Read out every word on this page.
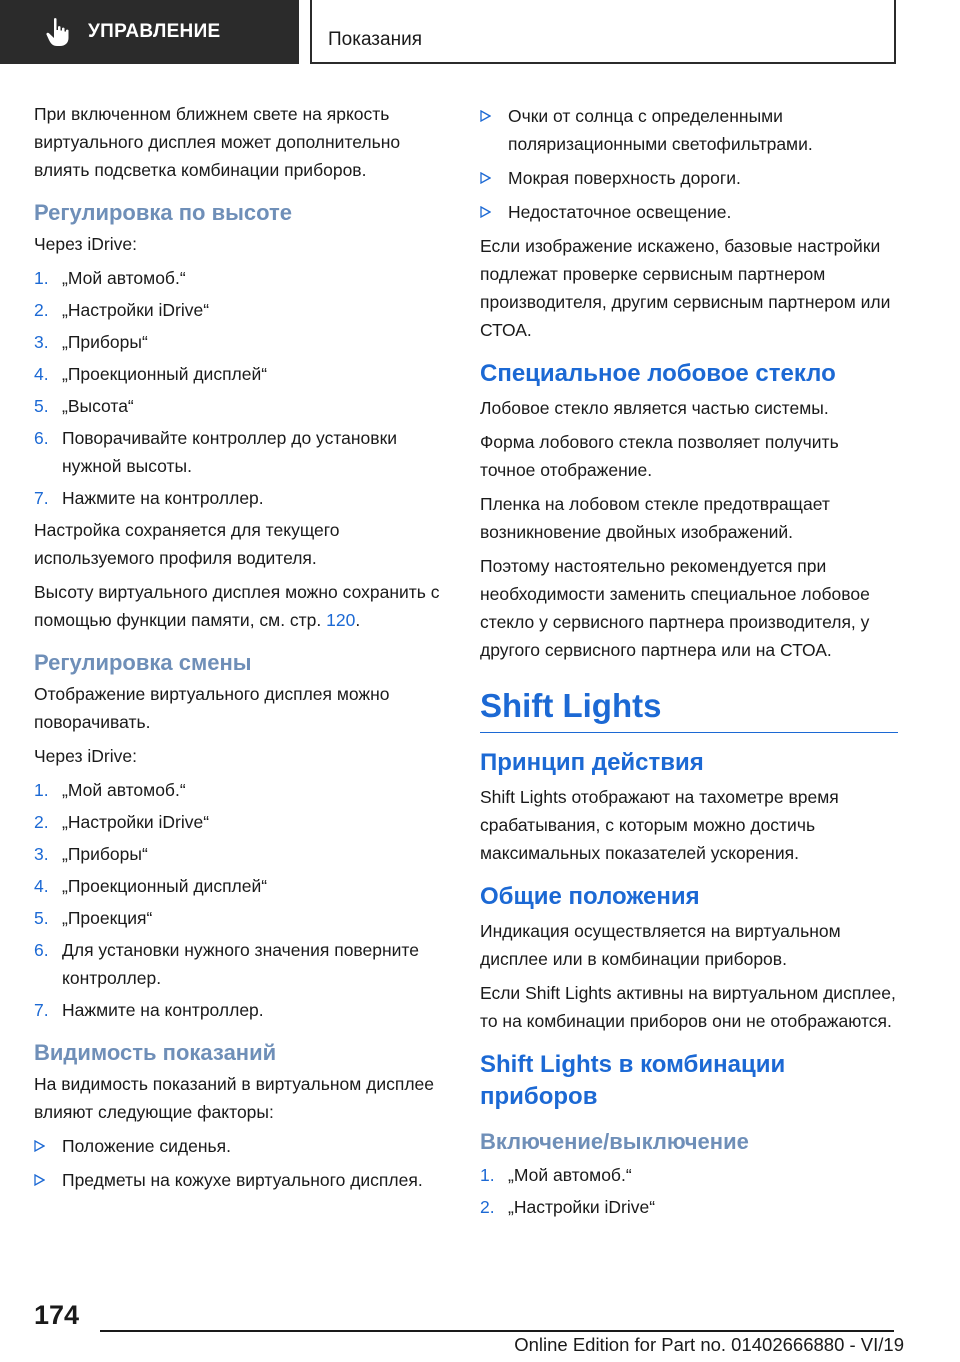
УПРАВЛЕНИЕ	Показания

При включенном ближнем свете на яркость виртуального дисплея может дополнительно влиять подсветка комбинации приборов.

Регулировка по высоте

Через iDrive:

1. „Мой автомоб.“
2. „Настройки iDrive“
3. „Приборы“
4. „Проекционный дисплей“
5. „Высота“
6. Поворачивайте контроллер до установки нужной высоты.
7. Нажмите на контроллер.

Настройка сохраняется для текущего используемого профиля водителя.

Высоту виртуального дисплея можно сохранить с помощью функции памяти, см. стр. 120.

Регулировка смены

Отображение виртуального дисплея можно поворачивать.

Через iDrive:

1. „Мой автомоб.“
2. „Настройки iDrive“
3. „Приборы“
4. „Проекционный дисплей“
5. „Проекция“
6. Для установки нужного значения поверните контроллер.
7. Нажмите на контроллер.
Видимость показаний

На видимость показаний в виртуальном дисплее влияют следующие факторы:

Положение сиденья.
Предметы на кожухе виртуального дисплея.
Очки от солнца с определенными поляризационными светофильтрами.
Мокрая поверхность дороги.
Недостаточное освещение.

Если изображение искажено, базовые настройки подлежат проверке сервисным партнером производителя, другим сервисным партнером или СТОА.

Специальное лобовое стекло

Лобовое стекло является частью системы.

Форма лобового стекла позволяет получить точное отображение.

Пленка на лобовом стекле предотвращает возникновение двойных изображений.

Поэтому настоятельно рекомендуется при необходимости заменить специальное лобовое стекло у сервисного партнера производителя, у другого сервисного партнера или на СТОА.

Shift Lights
Принцип действия

Shift Lights отображают на тахометре время срабатывания, с которым можно достичь максимальных показателей ускорения.

Общие положения

Индикация осуществляется на виртуальном дисплее или в комбинации приборов.

Если Shift Lights активны на виртуальном дисплее, то на комбинации приборов они не отображаются.

Shift Lights в комбинации приборов
Включение/выключение
1. „Мой автомоб.“
2. „Настройки iDrive“
174
Online Edition for Part no. 01402666880 - VI/19
